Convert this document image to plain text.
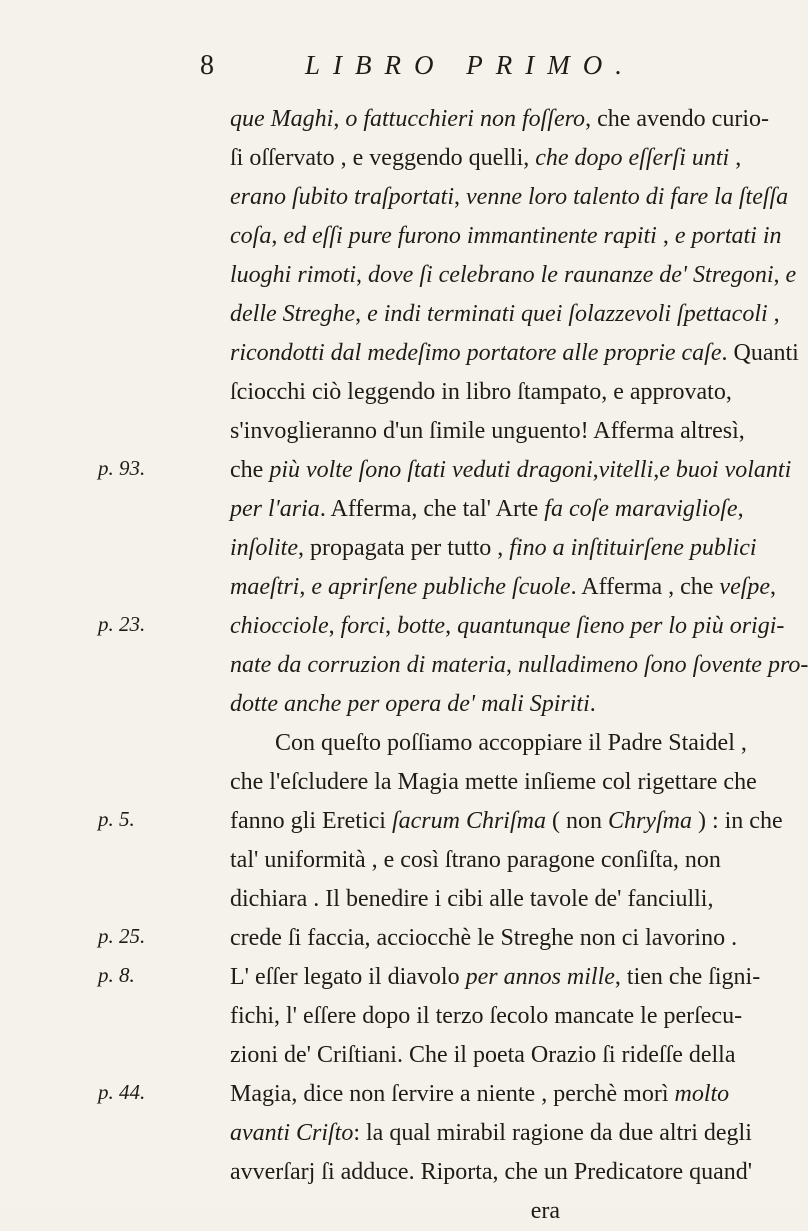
8	LIBRO PRIMO.
que Maghi, o fattucchieri non foſſero, che avendo curio-
ſi oſſervato , e veggendo quelli, che dopo eſſerſi unti ,
erano ſubito traſportati, venne loro talento di fare la ſteſſa
coſa, ed eſſi pure furono immantinente rapiti , e portati in
luoghi rimoti, dove ſi celebrano le raunanze de' Stregoni, e
delle Streghe, e indi terminati quei ſolazzevoli ſpettacoli ,
ricondotti dal medeſimo portatore alle proprie caſe. Quanti
ſciocchi ciò leggendo in libro ſtampato, e approvato,
s'invoglieranno d'un ſimile unguento! Afferma altresì,
che più volte ſono ſtati veduti dragoni,vitelli,e buoi volanti
per l'aria. Afferma, che tal' Arte fa coſe maraviglioſe,
inſolite, propagata per tutto , fino a inſtituirſene publici
maeſtri, e aprirſene publiche ſcuole. Afferma , che veſpe,
chiocciole, forci, botte, quantunque ſieno per lo più origi-
nate da corruzion di materia, nulladimeno ſono ſovente pro-
dotte anche per opera de' mali Spiriti.
Con queſto poſſiamo accoppiare il Padre Staidel ,
che l'eſcludere la Magia mette inſieme col rigettare che
fanno gli Eretici ſacrum Chriſma ( non Chryſma ) : in che
tal' uniformità , e così ſtrano paragone conſiſta, non
dichiara . Il benedire i cibi alle tavole de' fanciulli,
crede ſi faccia, acciocchè le Streghe non ci lavorino .
L' eſſer legato il diavolo per annos mille, tien che ſigni-
fichi, l' eſſere dopo il terzo ſecolo mancate le perſecu-
zioni de' Criſtiani. Che il poeta Orazio ſi rideſſe della
Magia, dice non ſervire a niente , perchè morì molto
avanti Criſto: la qual mirabil ragione da due altri degli
avverſarj ſi adduce. Riporta, che un Predicatore quand'
era
p. 93.
p. 23.
p. 5.
p. 25.
p. 8.
p. 44.
